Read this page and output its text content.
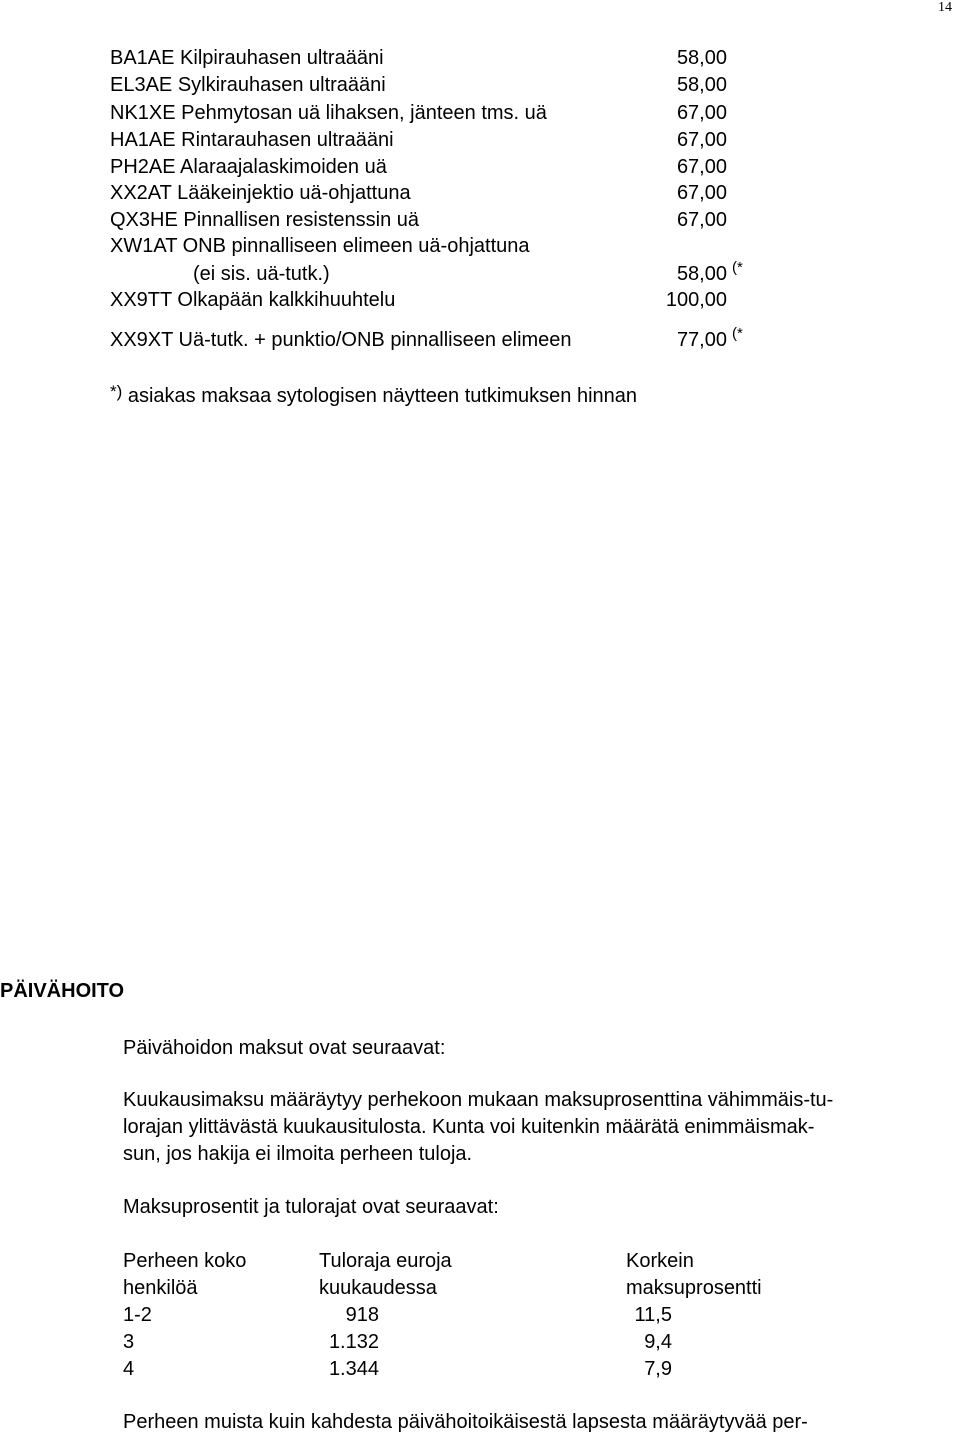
14
BA1AE Kilpirauhasen ultraääni	58,00
EL3AE Sylkirauhasen ultraääni	58,00
NK1XE Pehmytosan uä lihaksen, jänteen tms. uä	67,00
HA1AE Rintarauhasen ultraääni	67,00
PH2AE Alaraajalaskimoiden uä	67,00
XX2AT Lääkeinjektio uä-ohjattuna	67,00
QX3HE Pinnallisen resistenssin uä	67,00
XW1AT ONB pinnalliseen elimeen uä-ohjattuna
(ei sis. uä-tutk.)	58,00 (*
XX9TT Olkapään kalkkihuuhtelu	100,00
XX9XT Uä-tutk. + punktio/ONB pinnalliseen elimeen	77,00 (*
*) asiakas maksaa sytologisen näytteen tutkimuksen hinnan
PÄIVÄHOITO
Päivähoidon maksut ovat seuraavat:
Kuukausimaksu määräytyy perhekoon mukaan maksuprosenttina vähimmäis-tu-
lorajan ylittävästä kuukausitulosta. Kunta voi kuitenkin määrätä enimmäismak-
sun, jos hakija ei ilmoita perheen tuloja.
Maksuprosentit ja tulorajat ovat seuraavat:
Perheen koko	Tuloraja euroja	Korkein
henkilöä	kuukaudessa	maksuprosentti
1-2	918	11,5
3	1.132	9,4
4	1.344	7,9
Perheen muista kuin kahdesta päivähoitoikäisestä lapsesta määräytyvää per-
